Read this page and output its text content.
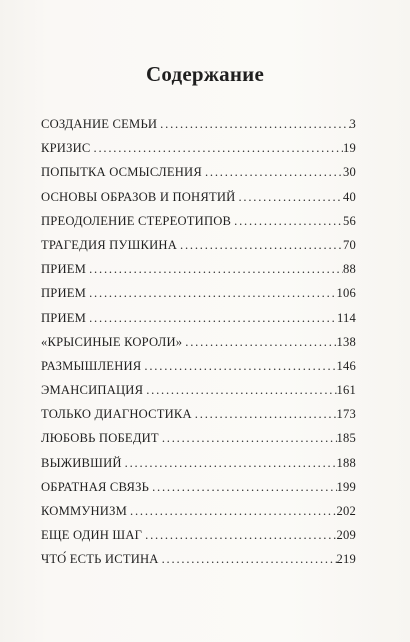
Содержание
СОЗДАНИЕ СЕМЬИ .....	3
КРИЗИС .....	19
ПОПЫТКА ОСМЫСЛЕНИЯ .....	30
ОСНОВЫ ОБРАЗОВ И ПОНЯТИЙ .....	40
ПРЕОДОЛЕНИЕ СТЕРЕОТИПОВ .....	56
ТРАГЕДИЯ ПУШКИНА .....	70
ПРИЕМ .....	88
ПРИЕМ .....	106
ПРИЕМ .....	114
«КРЫСИНЫЕ КОРОЛИ» .....	138
РАЗМЫШЛЕНИЯ .....	146
ЭМАНСИПАЦИЯ .....	161
ТОЛЬКО ДИАГНОСТИКА .....	173
ЛЮБОВЬ ПОБЕДИТ .....	185
ВЫЖИВШИЙ .....	188
ОБРАТНАЯ СВЯЗЬ .....	199
КОММУНИЗМ .....	202
ЕЩЕ ОДИН ШАГ .....	209
ЧТО́ ЕСТЬ ИСТИНА .....	219
